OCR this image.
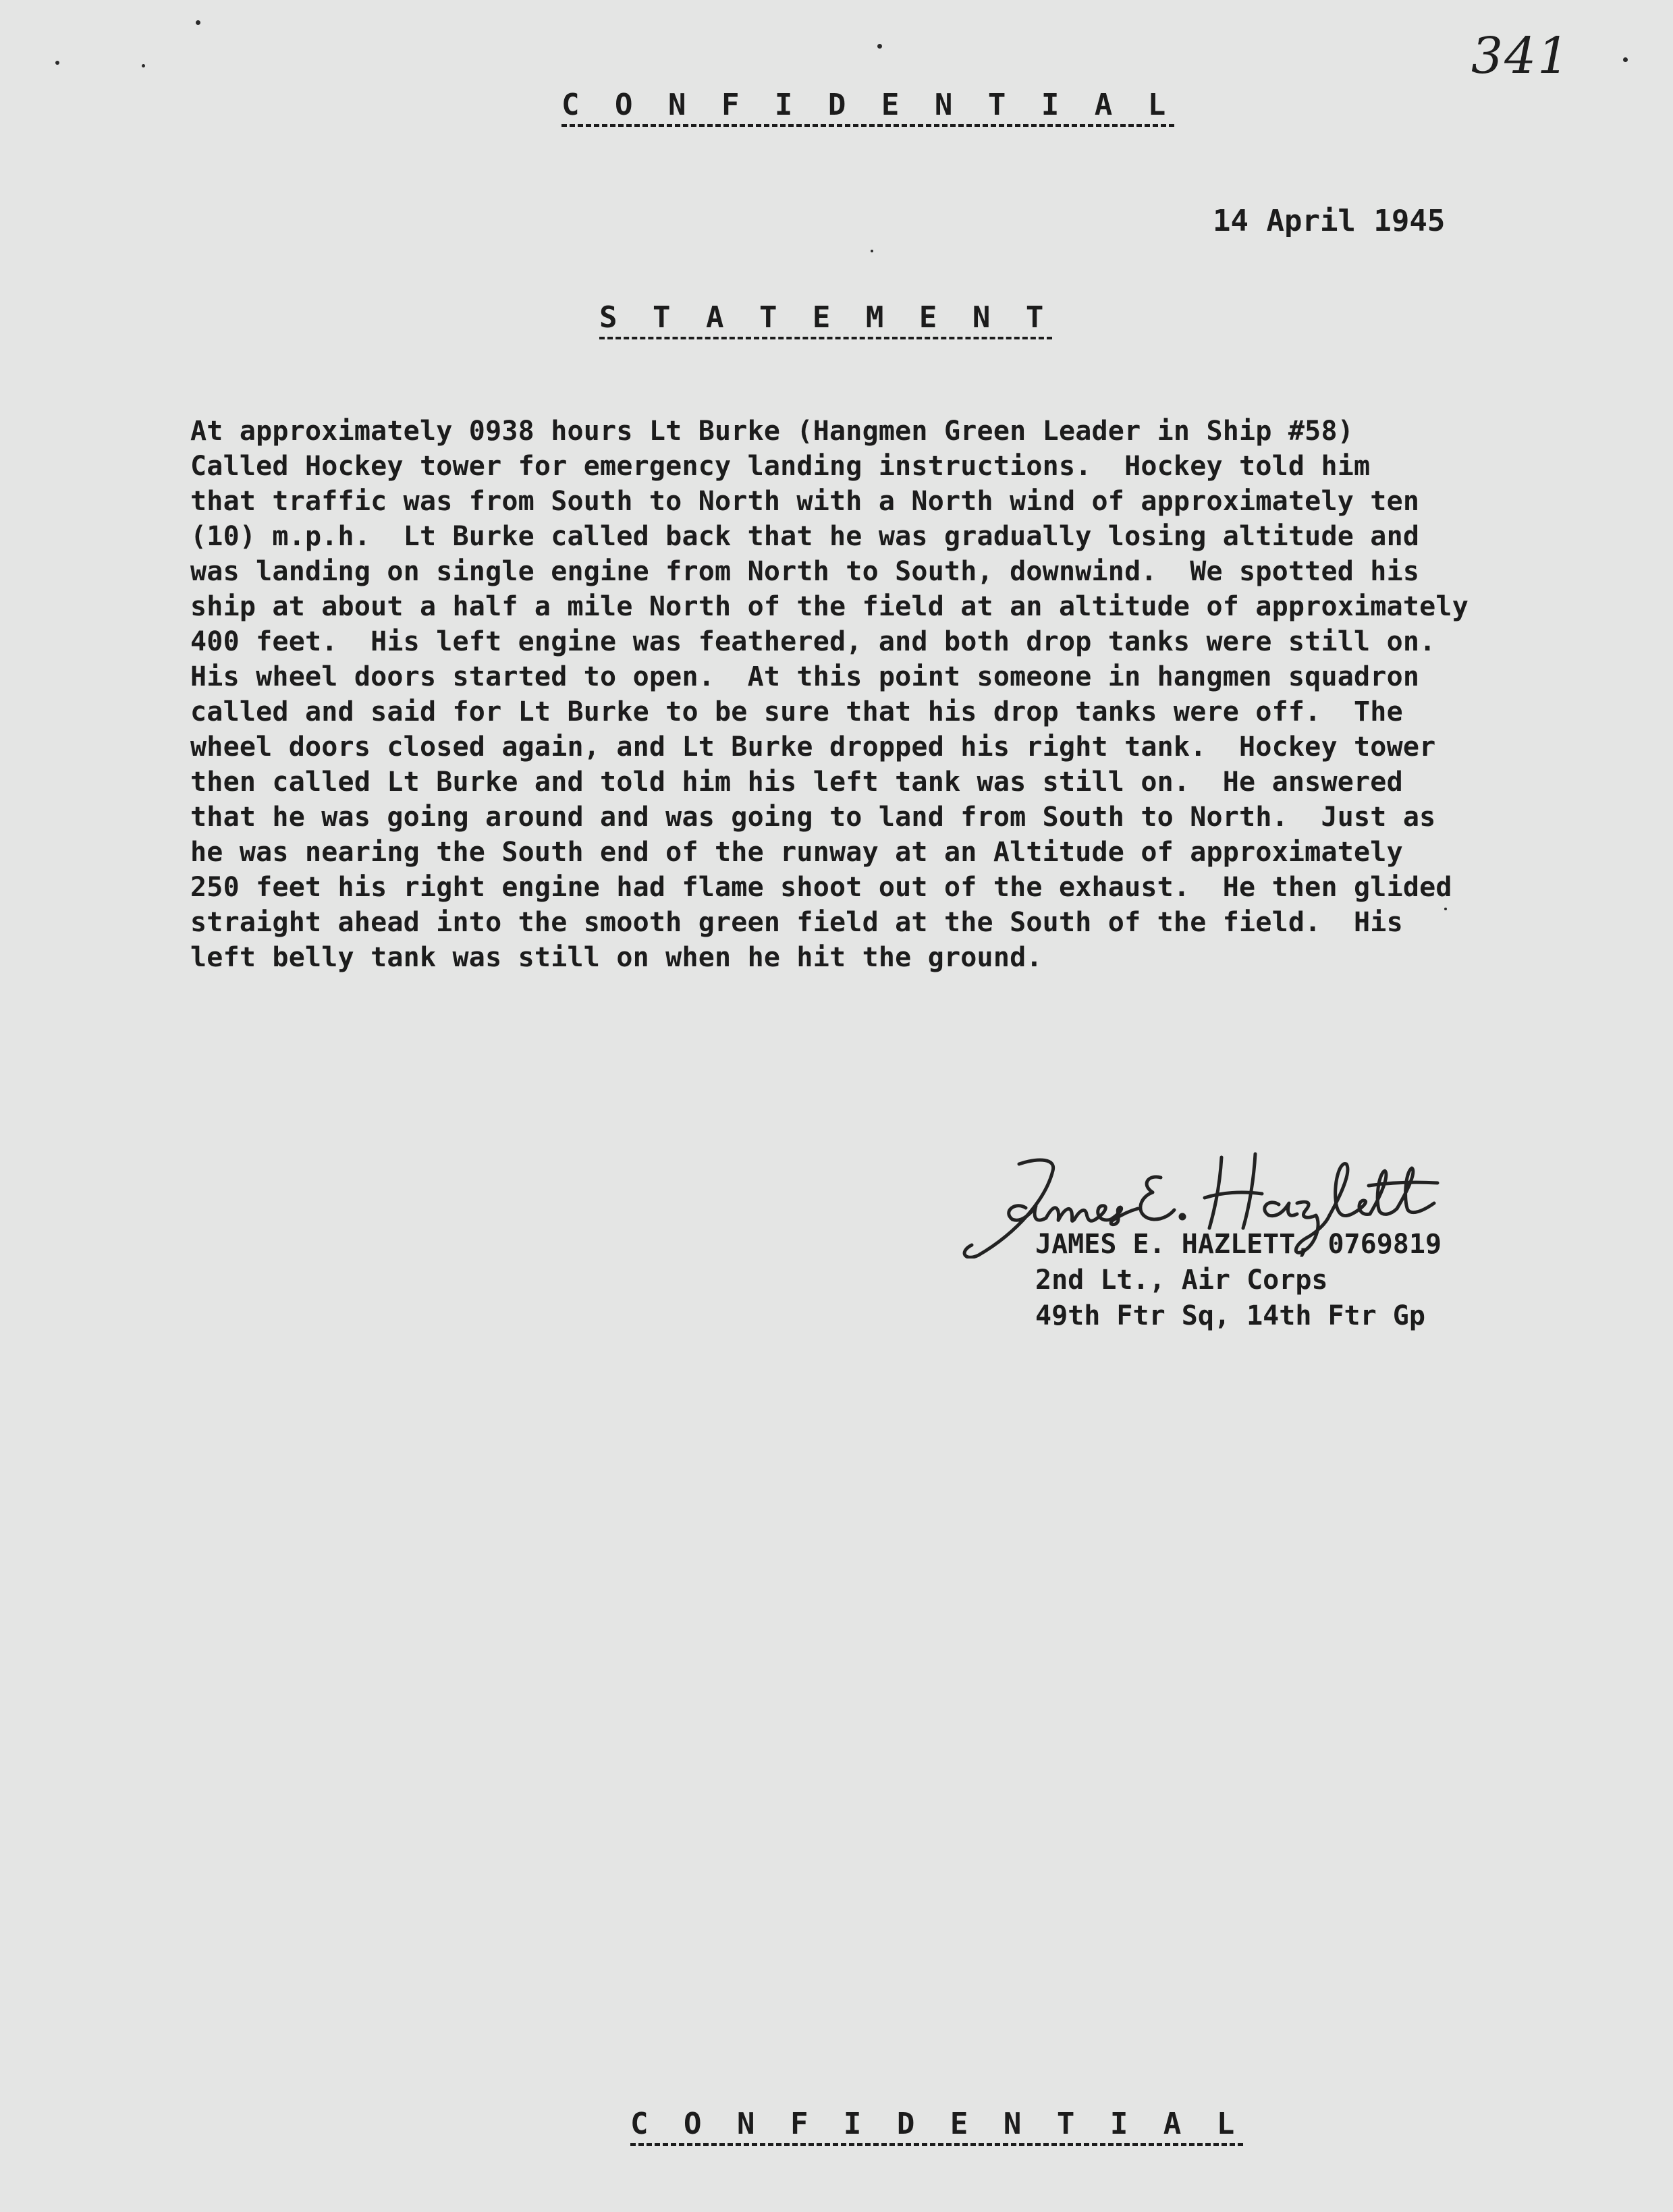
341
C O N F I D E N T I A L
14 April 1945
S T A T E M E N T
At approximately 0938 hours Lt Burke (Hangmen Green Leader in Ship #58)
Called Hockey tower for emergency landing instructions.  Hockey told him
that traffic was from South to North with a North wind of approximately ten
(10) m.p.h.  Lt Burke called back that he was gradually losing altitude and
was landing on single engine from North to South, downwind.  We spotted his
ship at about a half a mile North of the field at an altitude of approximately
400 feet.  His left engine was feathered, and both drop tanks were still on.
His wheel doors started to open.  At this point someone in hangmen squadron
called and said for Lt Burke to be sure that his drop tanks were off.  The
wheel doors closed again, and Lt Burke dropped his right tank.  Hockey tower
then called Lt Burke and told him his left tank was still on.  He answered
that he was going around and was going to land from South to North.  Just as
he was nearing the South end of the runway at an Altitude of approximately
250 feet his right engine had flame shoot out of the exhaust.  He then glided
straight ahead into the smooth green field at the South of the field.  His
left belly tank was still on when he hit the ground.
JAMES E. HAZLETT, 0769819
2nd Lt., Air Corps
49th Ftr Sq, 14th Ftr Gp
C O N F I D E N T I A L
